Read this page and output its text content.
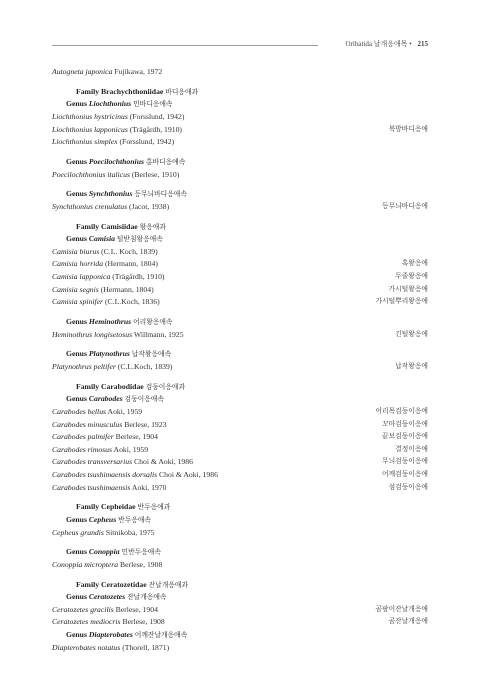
Oribatida 날개응애목 • 215
Autogneta japonica Fujikawa, 1972
Family Brachychthoniidae 바디응애과
Genus Liochthonius 민바디응애속
Liochthonius hystricinus (Forsslund, 1942)
Liochthonius lapponicus (Trägårdh, 1910)	북방바디응애
Liochthonius simplex (Forsslund, 1942)
Genus Poecilochthonius 홍바디응애속
Poecilochthonius italicus (Berlese, 1910)
Genus Synchthonius 등무늬바디응애속
Synchthonius crenulatus (Jacot, 1938)	등무늬바디응애
Family Camisiidae 왕응애과
Genus Camisia 털받침왕응애속
Camisia biurus (C.L. Koch, 1839)
Camisia horrida (Hermann, 1804)	혹왕응애
Camisia lapponica (Trägårdh, 1910)	두줄왕응애
Camisia segnis (Hermann, 1804)	가시털왕응애
Camisia spinifer (C.L.Koch, 1836)	가시털뿌리왕응애
Genus Heminothrus 어리왕응애속
Heminothrus longisetosus Willmann, 1925	긴털왕응애
Genus Platynothrus 납작왕응애속
Platynothrus peltifer (C.L.Koch, 1839)	납작왕응애
Family Carabodidae 검둥이응애과
Genus Carabodes 검둥이응애속
Carabodes bellus Aoki, 1959	어리목검둥이응애
Carabodes minusculus Berlese, 1923	꼬마검둥이응애
Carabodes palmifer Berlese, 1904	끝보검둥이응애
Carabodes rimosus Aoki, 1959	결정이응애
Carabodes transversarius Choi & Aoki, 1986	무늬검둥이응애
Carabodes tsushimaensis dorsalis Choi & Aoki, 1986	어깨검둥이응애
Carabodes tsushimaensis Aoki, 1970	섬검둥이응애
Family Cepheidae 반두응애과
Genus Cepheus 반두응애속
Cepheus grandis Sitnikoba, 1975
Genus Conoppia 민반두응애속
Conoppia microptera Berlese, 1908
Family Ceratozetidae 잔날개응애과
Genus Ceratozetes 잔날개응애속
Ceratozetes gracilis Berlese, 1904	곰팡이잔날개응애
Ceratozetes mediocris Berlese, 1908	곰잔날개응애
Genus Diapterobates 어깨잔날개응애속
Diapterobates notatus (Thorell, 1871)
